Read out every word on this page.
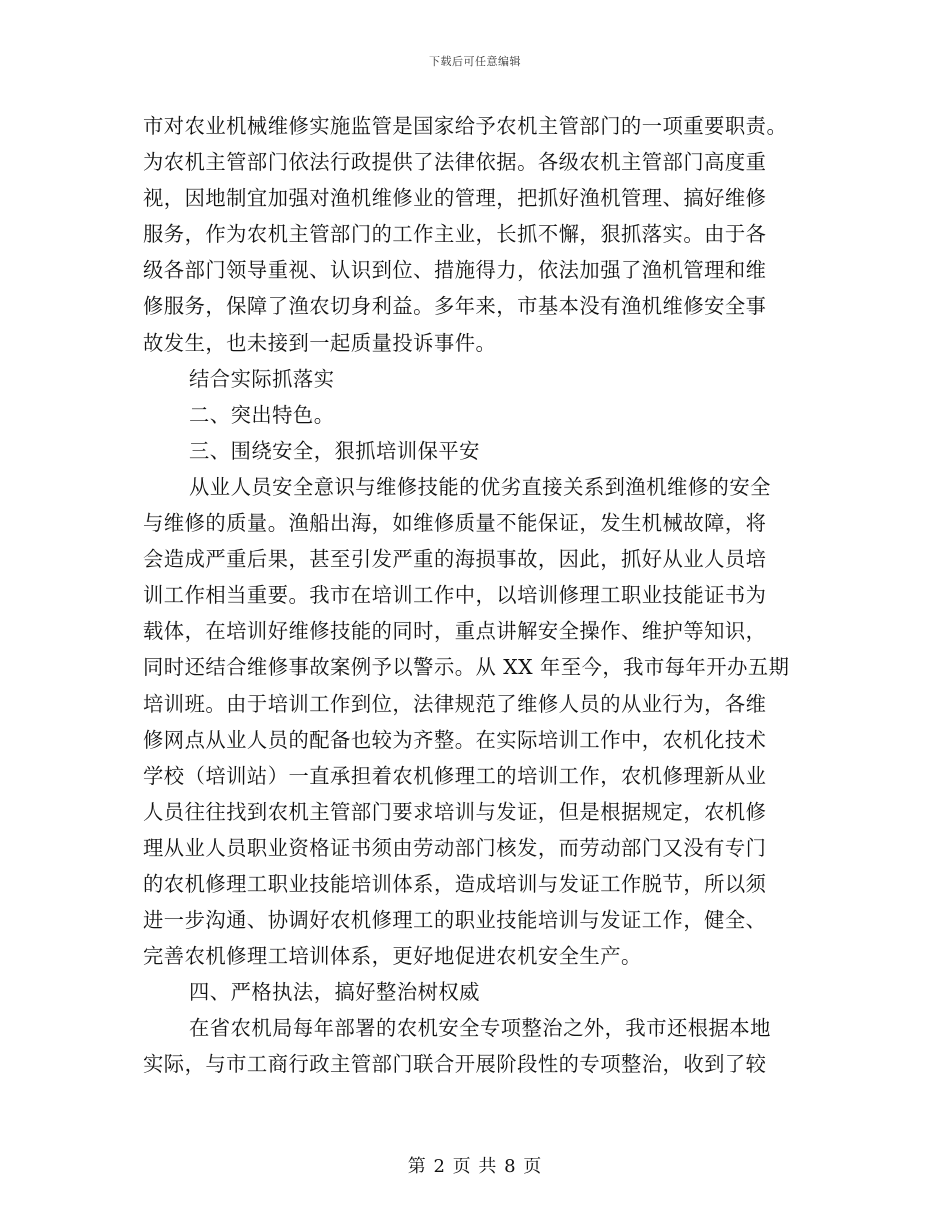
下载后可任意编辑
市对农业机械维修实施监管是国家给予农机主管部门的一项重要职责。
为农机主管部门依法行政提供了法律依据。各级农机主管部门高度重
视，因地制宜加强对渔机维修业的管理，把抓好渔机管理、搞好维修
服务，作为农机主管部门的工作主业，长抓不懈，狠抓落实。由于各
级各部门领导重视、认识到位、措施得力，依法加强了渔机管理和维
修服务，保障了渔农切身利益。多年来，市基本没有渔机维修安全事
故发生，也未接到一起质量投诉事件。
结合实际抓落实
二、突出特色。
三、围绕安全，狠抓培训保平安
从业人员安全意识与维修技能的优劣直接关系到渔机维修的安全
与维修的质量。渔船出海，如维修质量不能保证，发生机械故障，将
会造成严重后果，甚至引发严重的海损事故，因此，抓好从业人员培
训工作相当重要。我市在培训工作中，以培训修理工职业技能证书为
载体，在培训好维修技能的同时，重点讲解安全操作、维护等知识，
同时还结合维修事故案例予以警示。从 XX 年至今，我市每年开办五期
培训班。由于培训工作到位，法律规范了维修人员的从业行为，各维
修网点从业人员的配备也较为齐整。在实际培训工作中，农机化技术
学校（培训站）一直承担着农机修理工的培训工作，农机修理新从业
人员往往找到农机主管部门要求培训与发证，但是根据规定，农机修
理从业人员职业资格证书须由劳动部门核发，而劳动部门又没有专门
的农机修理工职业技能培训体系，造成培训与发证工作脱节，所以须
进一步沟通、协调好农机修理工的职业技能培训与发证工作，健全、
完善农机修理工培训体系，更好地促进农机安全生产。
四、严格执法，搞好整治树权威
在省农机局每年部署的农机安全专项整治之外，我市还根据本地
实际，与市工商行政主管部门联合开展阶段性的专项整治，收到了较
第 2 页 共 8 页
